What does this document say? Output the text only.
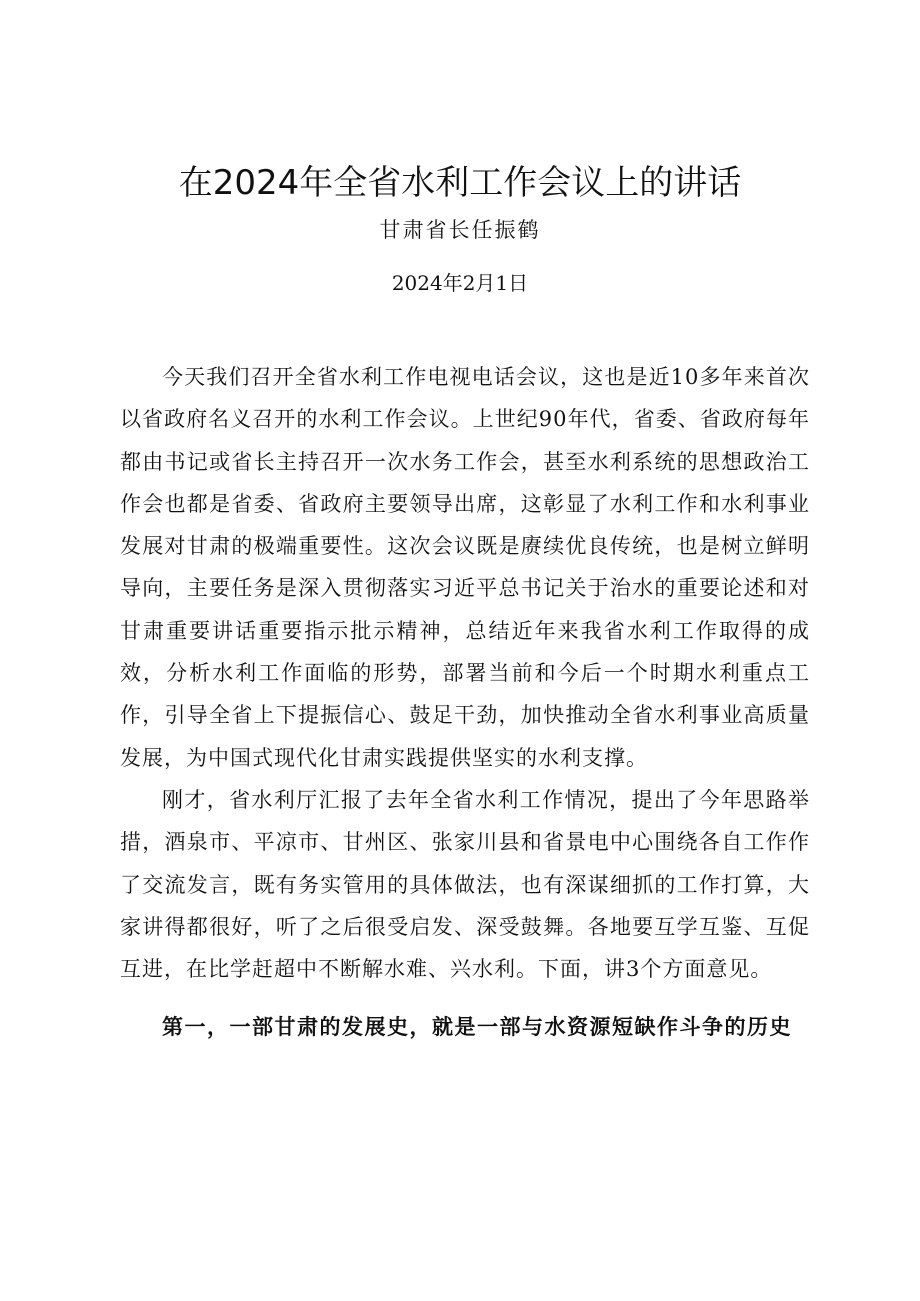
在2024年全省水利工作会议上的讲话
甘肃省长任振鹤
2024年2月1日

今天我们召开全省水利工作电视电话会议，这也是近10多年来首次以省政府名义召开的水利工作会议。上世纪90年代，省委、省政府每年都由书记或省长主持召开一次水务工作会，甚至水利系统的思想政治工作会也都是省委、省政府主要领导出席，这彰显了水利工作和水利事业发展对甘肃的极端重要性。这次会议既是赓续优良传统，也是树立鲜明导向，主要任务是深入贯彻落实习近平总书记关于治水的重要论述和对甘肃重要讲话重要指示批示精神，总结近年来我省水利工作取得的成效，分析水利工作面临的形势，部署当前和今后一个时期水利重点工作，引导全省上下提振信心、鼓足干劲，加快推动全省水利事业高质量发展，为中国式现代化甘肃实践提供坚实的水利支撑。

刚才，省水利厅汇报了去年全省水利工作情况，提出了今年思路举措，酒泉市、平凉市、甘州区、张家川县和省景电中心围绕各自工作作了交流发言，既有务实管用的具体做法，也有深谋细抓的工作打算，大家讲得都很好，听了之后很受启发、深受鼓舞。各地要互学互鉴、互促互进，在比学赶超中不断解水难、兴水利。下面，讲3个方面意见。

第一，一部甘肃的发展史，就是一部与水资源短缺作斗争的历史
